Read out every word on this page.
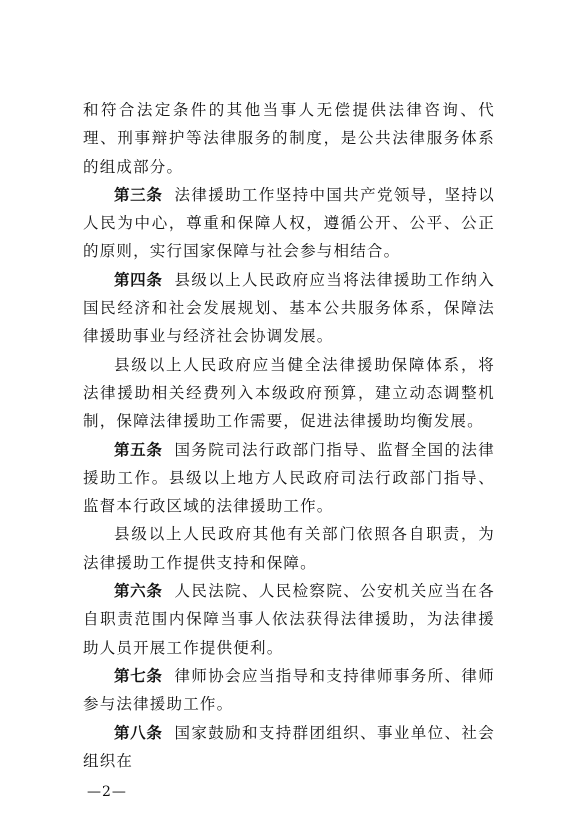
和符合法定条件的其他当事人无偿提供法律咨询、代理、刑事辩护等法律服务的制度，是公共法律服务体系的组成部分。

第三条 法律援助工作坚持中国共产党领导，坚持以人民为中心，尊重和保障人权，遵循公开、公平、公正的原则，实行国家保障与社会参与相结合。

第四条 县级以上人民政府应当将法律援助工作纳入国民经济和社会发展规划、基本公共服务体系，保障法律援助事业与经济社会协调发展。

县级以上人民政府应当健全法律援助保障体系，将法律援助相关经费列入本级政府预算，建立动态调整机制，保障法律援助工作需要，促进法律援助均衡发展。

第五条 国务院司法行政部门指导、监督全国的法律援助工作。县级以上地方人民政府司法行政部门指导、监督本行政区域的法律援助工作。

县级以上人民政府其他有关部门依照各自职责，为法律援助工作提供支持和保障。

第六条 人民法院、人民检察院、公安机关应当在各自职责范围内保障当事人依法获得法律援助，为法律援助人员开展工作提供便利。

第七条 律师协会应当指导和支持律师事务所、律师参与法律援助工作。

第八条 国家鼓励和支持群团组织、事业单位、社会组织在

—2—
